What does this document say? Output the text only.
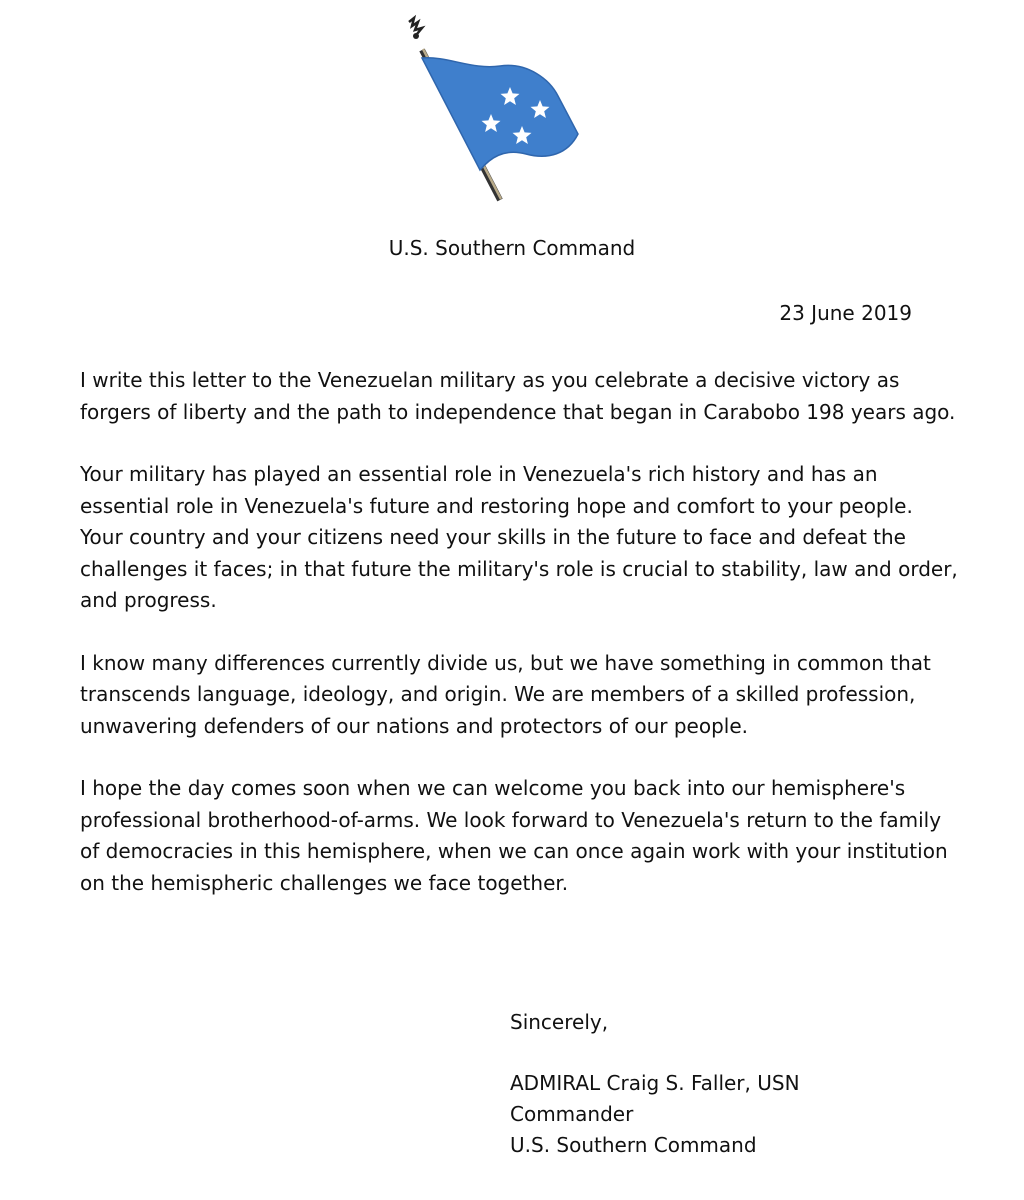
U.S. Southern Command
23 June 2019

I write this letter to the Venezuelan military as you celebrate a decisive victory as forgers of liberty and the path to independence that began in Carabobo 198 years ago.

Your military has played an essential role in Venezuela's rich history and has an essential role in Venezuela's future and restoring hope and comfort to your people. Your country and your citizens need your skills in the future to face and defeat the challenges it faces; in that future the military's role is crucial to stability, law and order, and progress.

I know many differences currently divide us, but we have something in common that transcends language, ideology, and origin. We are members of a skilled profession, unwavering defenders of our nations and protectors of our people.

I hope the day comes soon when we can welcome you back into our hemisphere's professional brotherhood-of-arms. We look forward to Venezuela's return to the family of democracies in this hemisphere, when we can once again work with your institution on the hemispheric challenges we face together.

Sincerely,
ADMIRAL Craig S. Faller, USN
Commander
U.S. Southern Command
